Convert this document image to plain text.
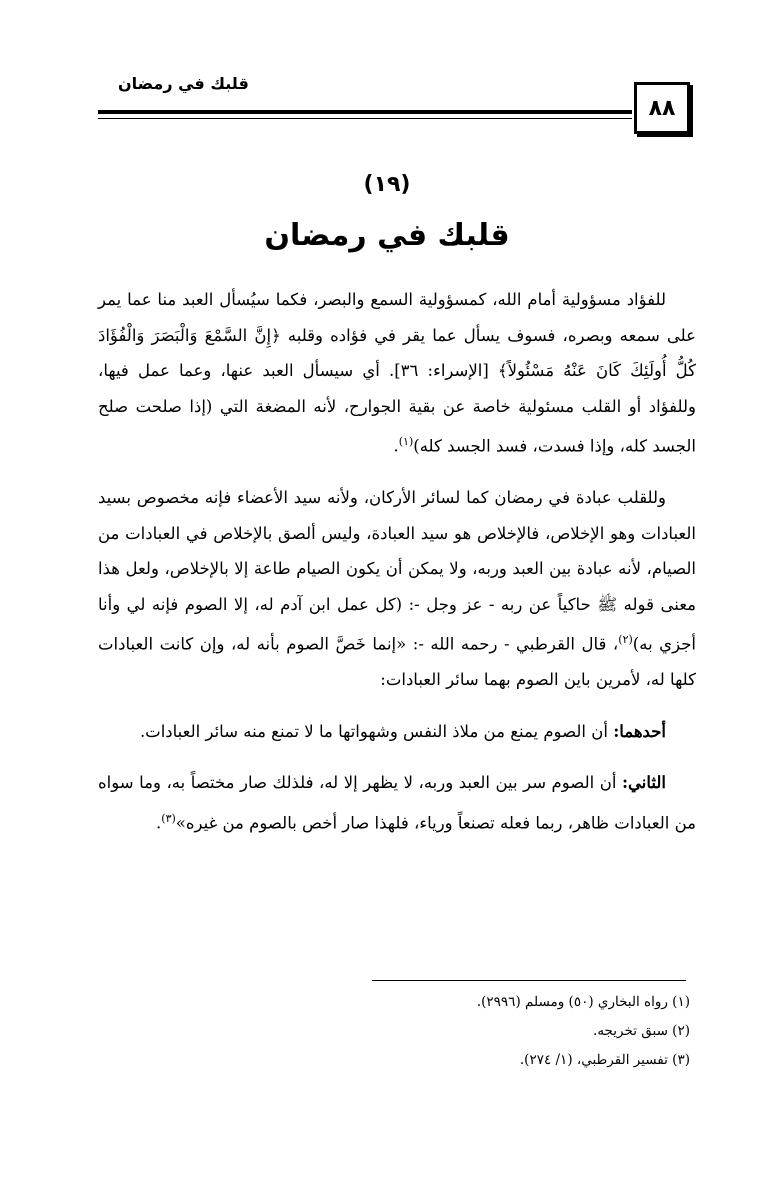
قلبك في رمضان
٨٨
(١٩)
قلبك في رمضان

للفؤاد مسؤولية أمام الله، كمسؤولية السمع والبصر، فكما سيُسأل العبد منا عما يمر على سمعه وبصره، فسوف يسأل عما يقر في فؤاده وقلبه ﴿إِنَّ السَّمْعَ وَالْبَصَرَ وَالْفُؤَادَ كُلُّ أُولَئِكَ كَانَ عَنْهُ مَسْئُولاً﴾ [الإسراء: ٣٦]. أي سيسأل العبد عنها، وعما عمل فيها، وللفؤاد أو القلب مسئولية خاصة عن بقية الجوارح، لأنه المضغة التي (إذا صلحت صلح الجسد كله، وإذا فسدت، فسد الجسد كله)$^{(١)}$.

وللقلب عبادة في رمضان كما لسائر الأركان، ولأنه سيد الأعضاء فإنه مخصوص بسيد العبادات وهو الإخلاص، فالإخلاص هو سيد العبادة، وليس ألصق بالإخلاص في العبادات من الصيام، لأنه عبادة بين العبد وربه، ولا يمكن أن يكون الصيام طاعة إلا بالإخلاص، ولعل هذا معنى قوله ﷺ حاكياً عن ربه - عز وجل -: (كل عمل ابن آدم له، إلا الصوم فإنه لي وأنا أجزي به)$^{(٢)}$، قال القرطبي - رحمه الله -: «إنما خَصَّ الصوم بأنه له، وإن كانت العبادات كلها له، لأمرين باين الصوم بهما سائر العبادات:

أحدهما: أن الصوم يمنع من ملاذ النفس وشهواتها ما لا تمنع منه سائر العبادات.

الثاني: أن الصوم سر بين العبد وربه، لا يظهر إلا له، فلذلك صار مختصاً به، وما سواه من العبادات ظاهر، ربما فعله تصنعاً ورياء، فلهذا صار أخص بالصوم من غيره»$^{(٣)}$.

(١) رواه البخاري (٥٠) ومسلم (٢٩٩٦).
(٢) سبق تخريجه.
(٣) تفسير القرطبي، (١/ ٢٧٤).
